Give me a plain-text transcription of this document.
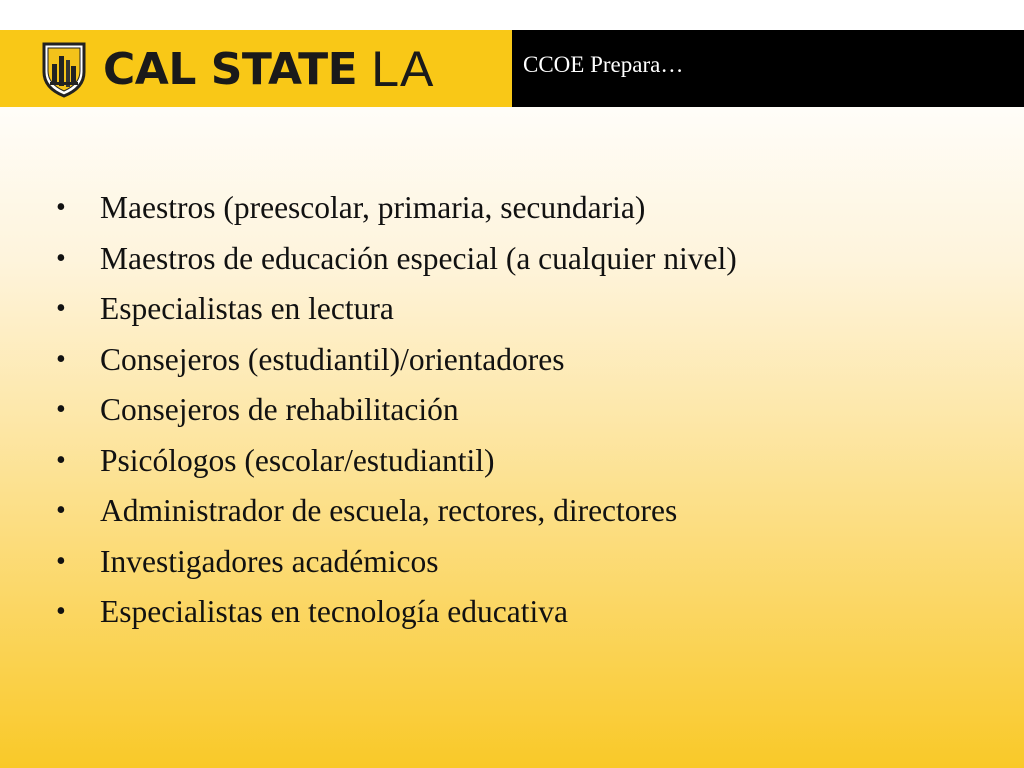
CAL STATE LA	CCOE Prepara…
• Maestros (preescolar, primaria, secundaria)
• Maestros de educación especial (a cualquier nivel)
• Especialistas en lectura
• Consejeros (estudiantil)/orientadores
• Consejeros de rehabilitación
• Psicólogos (escolar/estudiantil)
• Administrador de escuela, rectores, directores
• Investigadores académicos
• Especialistas en tecnología educativa
